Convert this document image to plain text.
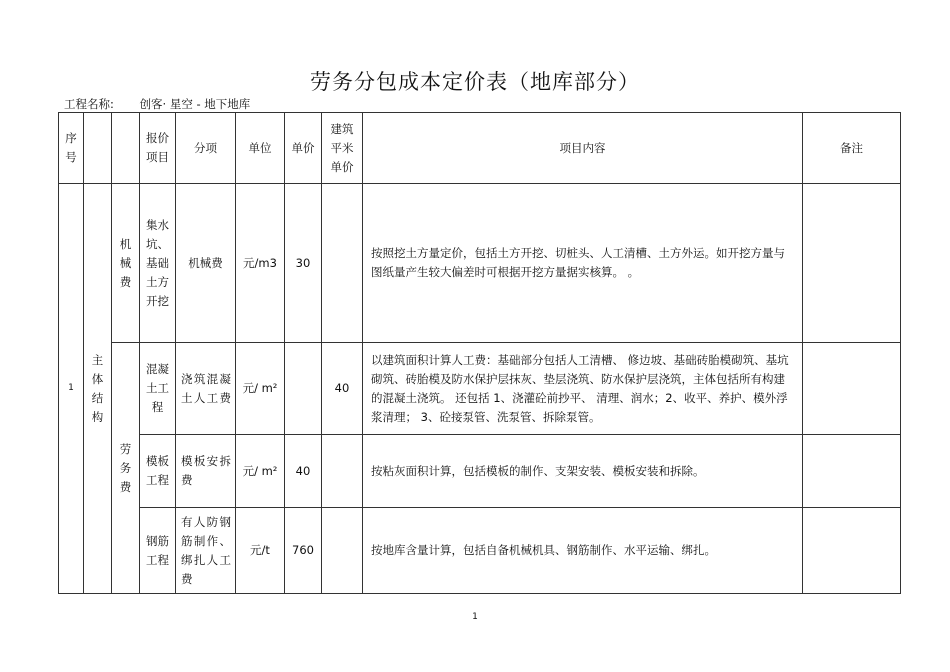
劳务分包成本定价表（地库部分）
工程名称: 创客· 星空 - 地下地库
序号			报价项目	分项	单位	单价	建筑平米单价	项目内容	备注
1	主体结构	机械费	集水坑、基础土方开挖	机械费	元/m3	30		按照挖土方量定价，包括土方开挖、切桩头、人工清槽、土方外运。如开挖方量与图纸量产生较大偏差时可根据开挖方量据实核算。 。	
		劳务费	混凝土工程	浇筑混凝土人工费	元/ m²		40	以建筑面积计算人工费：基础部分包括人工清槽、 修边坡、基础砖胎模砌筑、基坑砌筑、砖胎模及防水保护层抹灰、垫层浇筑、防水保护层浇筑，主体包括所有构建的混凝土浇筑。 还包括 1、浇灌砼前抄平、 清理、润水；2、收平、养护、模外浮浆清理； 3、砼接泵管、洗泵管、拆除泵管。	
			模板工程	模板安拆费	元/ m²	40		按粘灰面积计算，包括模板的制作、支架安装、模板安装和拆除。	
			钢筋工程	有人防钢筋制作、绑扎人工费	元/t	760		按地库含量计算，包括自备机械机具、钢筋制作、水平运输、绑扎。	
1
